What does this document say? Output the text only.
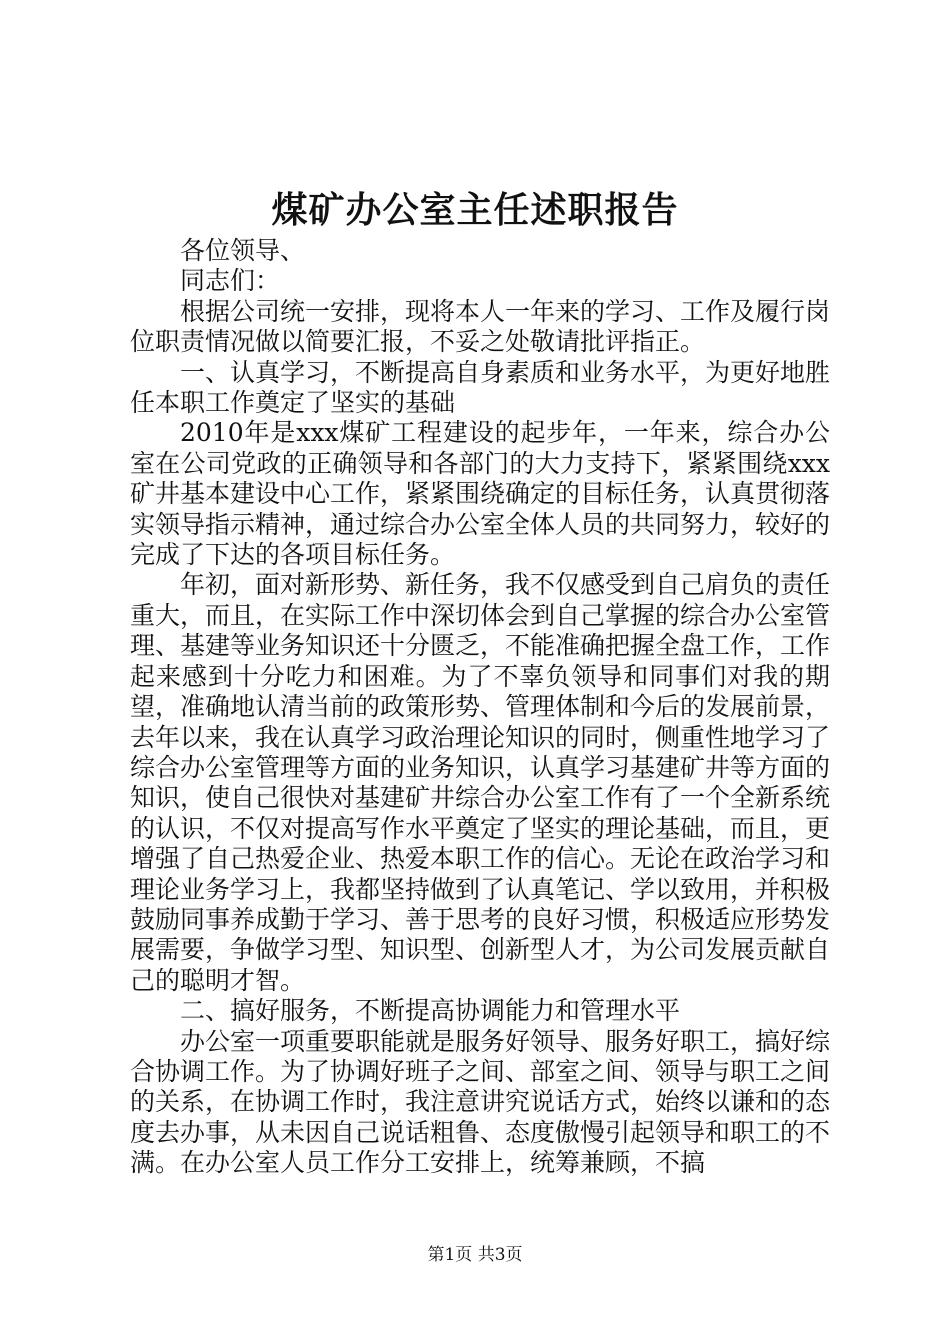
煤矿办公室主任述职报告

各位领导、

同志们：

根据公司统一安排，现将本人一年来的学习、工作及履行岗位职责情况做以简要汇报，不妥之处敬请批评指正。

一、认真学习，不断提高自身素质和业务水平，为更好地胜任本职工作奠定了坚实的基础

2010年是xxx煤矿工程建设的起步年，一年来，综合办公室在公司党政的正确领导和各部门的大力支持下，紧紧围绕xxx矿井基本建设中心工作，紧紧围绕确定的目标任务，认真贯彻落实领导指示精神，通过综合办公室全体人员的共同努力，较好的完成了下达的各项目标任务。

年初，面对新形势、新任务，我不仅感受到自己肩负的责任重大，而且，在实际工作中深切体会到自己掌握的综合办公室管理、基建等业务知识还十分匮乏，不能准确把握全盘工作，工作起来感到十分吃力和困难。为了不辜负领导和同事们对我的期望，准确地认清当前的政策形势、管理体制和今后的发展前景，去年以来，我在认真学习政治理论知识的同时，侧重性地学习了综合办公室管理等方面的业务知识，认真学习基建矿井等方面的知识，使自己很快对基建矿井综合办公室工作有了一个全新系统的认识，不仅对提高写作水平奠定了坚实的理论基础，而且，更增强了自己热爱企业、热爱本职工作的信心。无论在政治学习和理论业务学习上，我都坚持做到了认真笔记、学以致用，并积极鼓励同事养成勤于学习、善于思考的良好习惯，积极适应形势发展需要，争做学习型、知识型、创新型人才，为公司发展贡献自己的聪明才智。

二、搞好服务，不断提高协调能力和管理水平

办公室一项重要职能就是服务好领导、服务好职工，搞好综合协调工作。为了协调好班子之间、部室之间、领导与职工之间的关系，在协调工作时，我注意讲究说话方式，始终以谦和的态度去办事，从未因自己说话粗鲁、态度傲慢引起领导和职工的不满。在办公室人员工作分工安排上，统筹兼顾，不搞

第1页 共3页
